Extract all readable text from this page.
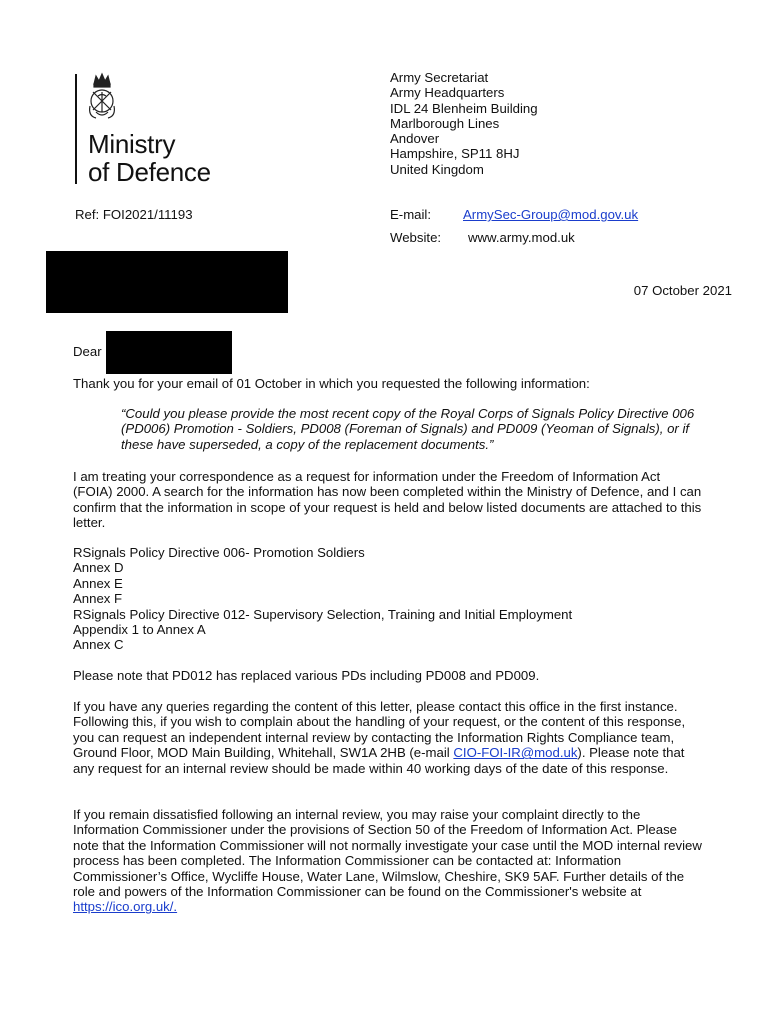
Ministry
of Defence
Army Secretariat
Army Headquarters
IDL 24 Blenheim Building
Marlborough Lines
Andover
Hampshire, SP11 8HJ
United Kingdom
Ref: FOI2021/11193	E-mail: ArmySec-Group@mod.gov.uk
Website: www.army.mod.uk
07 October 2021
Dear
Thank you for your email of 01 October in which you requested the following information:
“Could you please provide the most recent copy of the Royal Corps of Signals Policy Directive 006 (PD006) Promotion - Soldiers, PD008 (Foreman of Signals) and PD009 (Yeoman of Signals), or if these have superseded, a copy of the replacement documents.”
I am treating your correspondence as a request for information under the Freedom of Information Act (FOIA) 2000. A search for the information has now been completed within the Ministry of Defence, and I can confirm that the information in scope of your request is held and below listed documents are attached to this letter.
RSignals Policy Directive 006- Promotion Soldiers
Annex D
Annex E
Annex F
RSignals Policy Directive 012- Supervisory Selection, Training and Initial Employment
Appendix 1 to Annex A
Annex C
Please note that PD012 has replaced various PDs including PD008 and PD009.
If you have any queries regarding the content of this letter, please contact this office in the first instance. Following this, if you wish to complain about the handling of your request, or the content of this response, you can request an independent internal review by contacting the Information Rights Compliance team, Ground Floor, MOD Main Building, Whitehall, SW1A 2HB (e-mail CIO-FOI-IR@mod.uk). Please note that any request for an internal review should be made within 40 working days of the date of this response.
If you remain dissatisfied following an internal review, you may raise your complaint directly to the Information Commissioner under the provisions of Section 50 of the Freedom of Information Act. Please note that the Information Commissioner will not normally investigate your case until the MOD internal review process has been completed. The Information Commissioner can be contacted at: Information Commissioner’s Office, Wycliffe House, Water Lane, Wilmslow, Cheshire, SK9 5AF. Further details of the role and powers of the Information Commissioner can be found on the Commissioner's website at https://ico.org.uk/.
